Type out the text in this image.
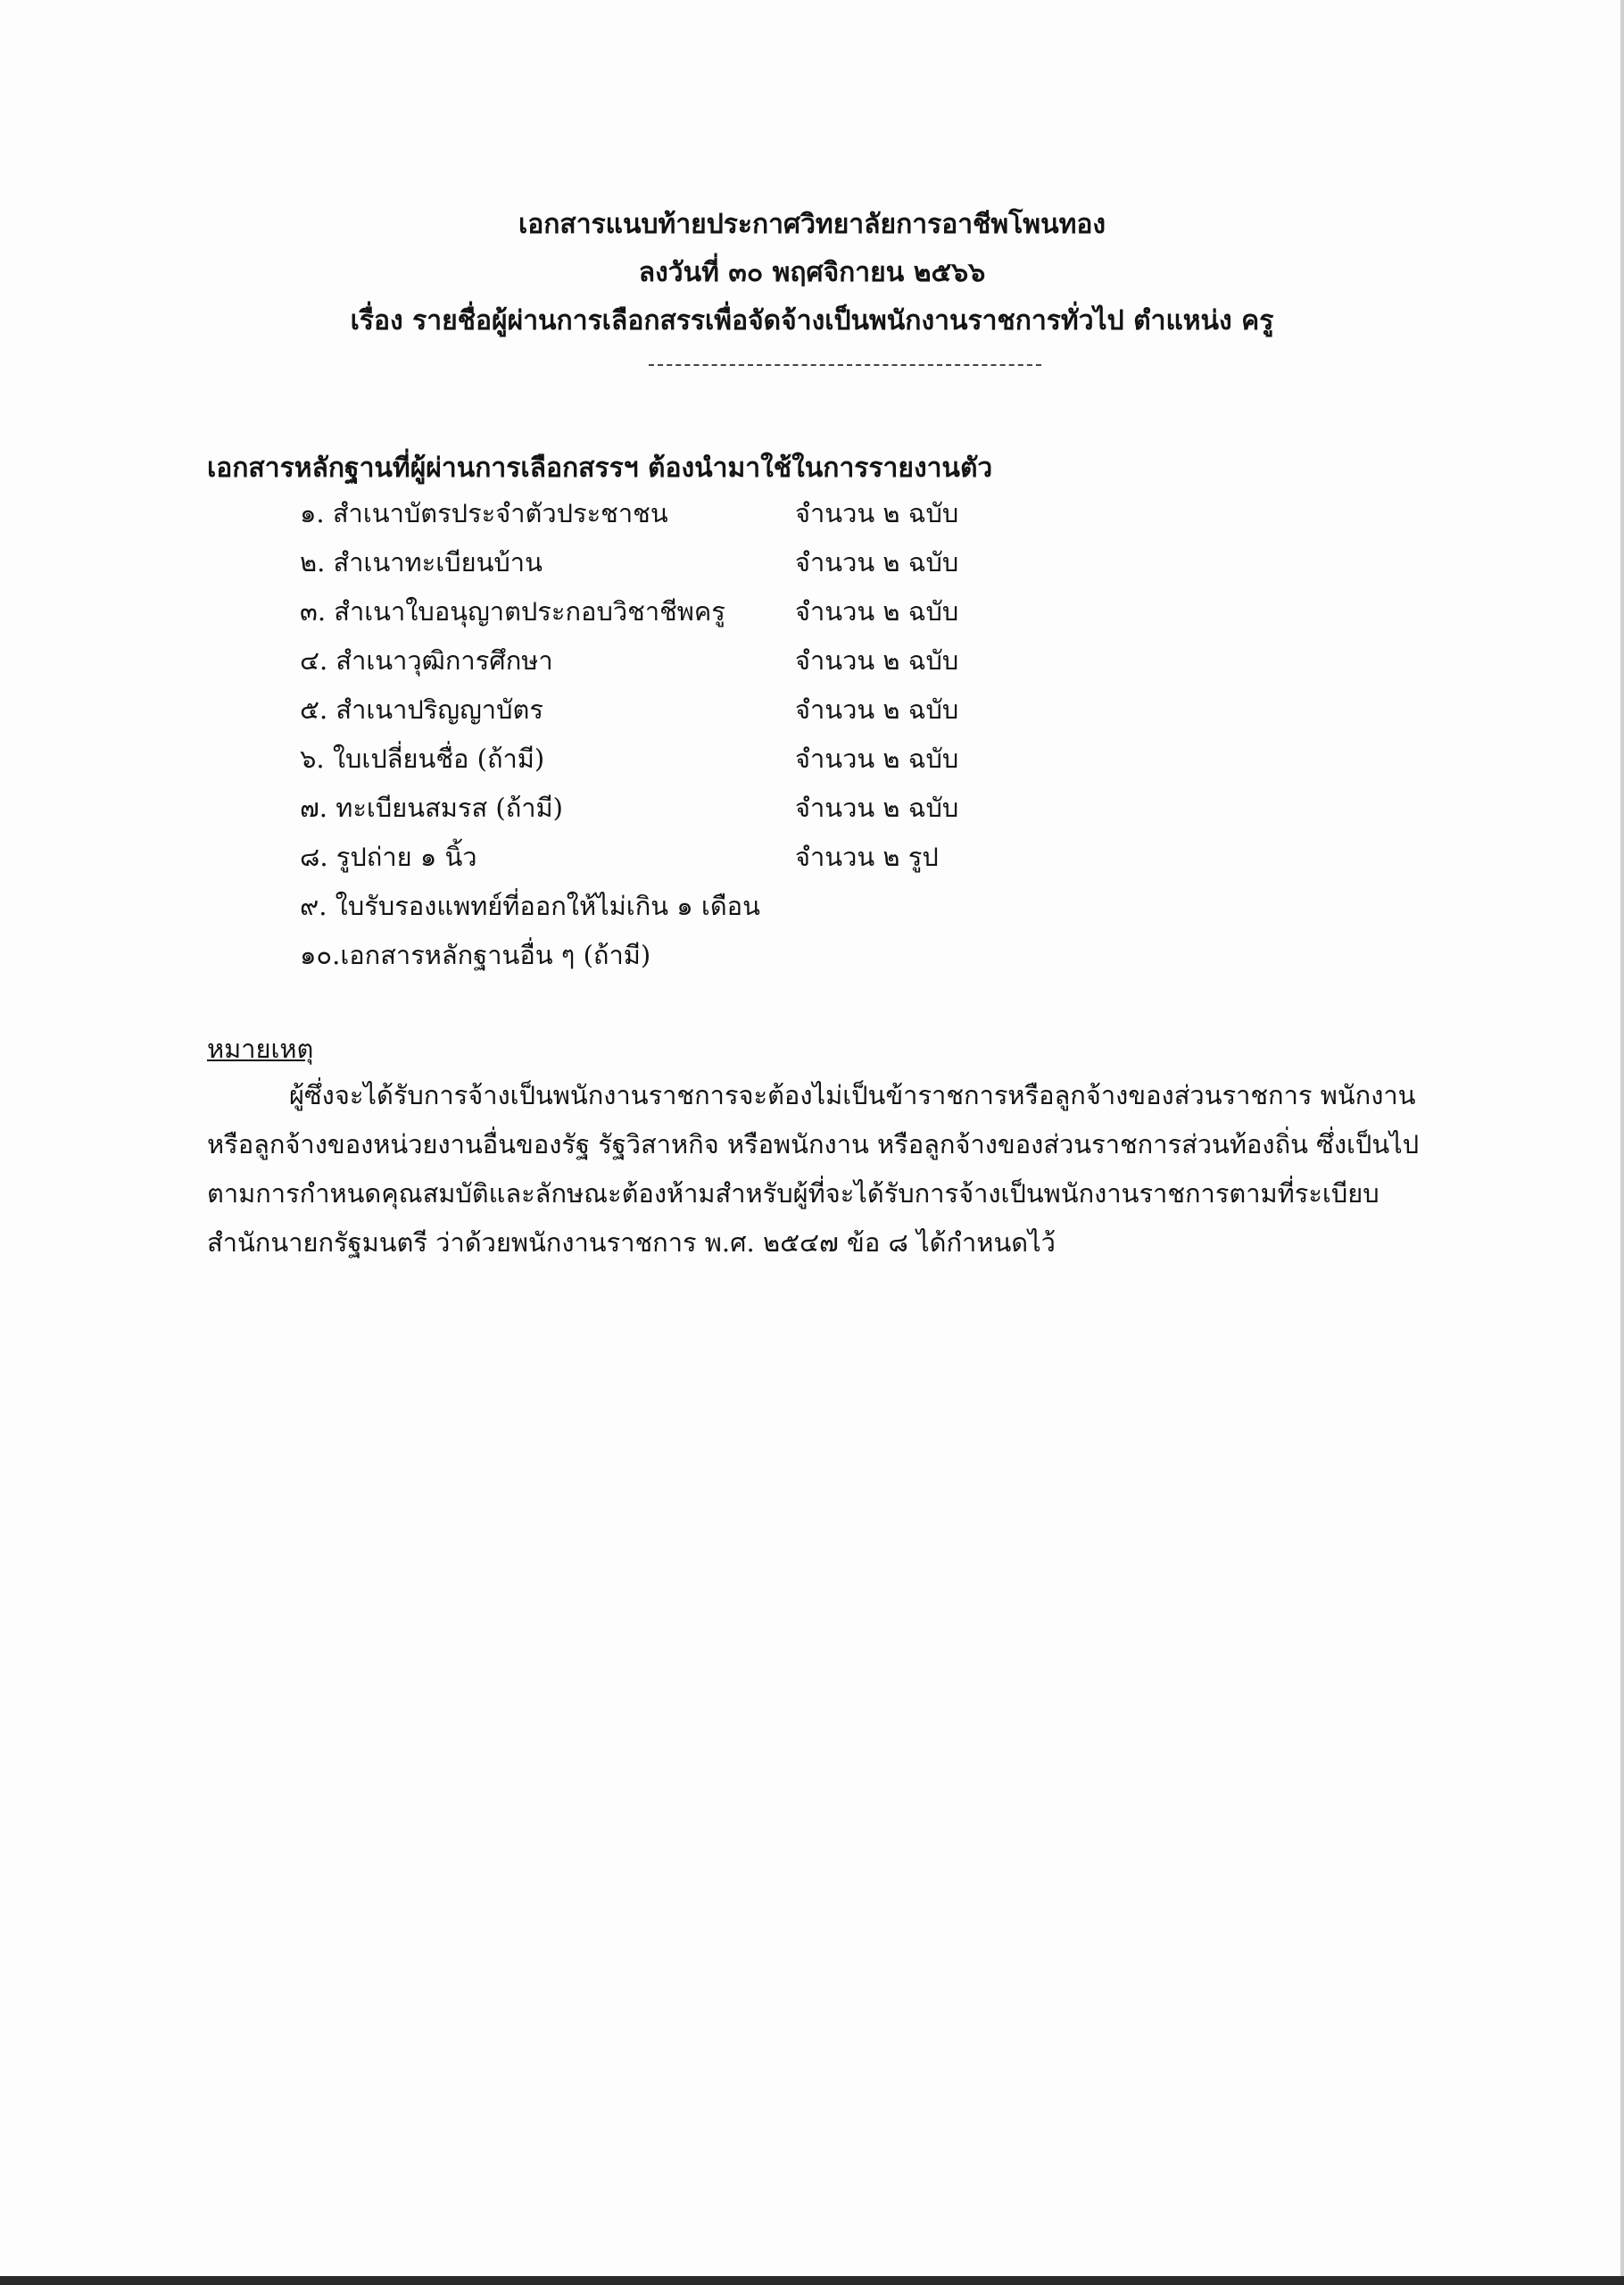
เอกสารแนบท้ายประกาศวิทยาลัยการอาชีพโพนทอง
ลงวันที่ ๓๐ พฤศจิกายน ๒๕๖๖
เรื่อง รายชื่อผู้ผ่านการเลือกสรรเพื่อจัดจ้างเป็นพนักงานราชการทั่วไป ตำแหน่ง ครู
เอกสารหลักฐานที่ผู้ผ่านการเลือกสรรฯ ต้องนำมาใช้ในการรายงานตัว
๑. สำเนาบัตรประจำตัวประชาชน	จำนวน ๒ ฉบับ
๒. สำเนาทะเบียนบ้าน	จำนวน ๒ ฉบับ
๓. สำเนาใบอนุญาตประกอบวิชาชีพครู	จำนวน ๒ ฉบับ
๔. สำเนาวุฒิการศึกษา	จำนวน ๒ ฉบับ
๕. สำเนาปริญญาบัตร	จำนวน ๒ ฉบับ
๖. ใบเปลี่ยนชื่อ (ถ้ามี)	จำนวน ๒ ฉบับ
๗. ทะเบียนสมรส (ถ้ามี)	จำนวน ๒ ฉบับ
๘. รูปถ่าย ๑ นิ้ว	จำนวน ๒ รูป
๙. ใบรับรองแพทย์ที่ออกให้ไม่เกิน ๑ เดือน
๑๐.เอกสารหลักฐานอื่น ๆ (ถ้ามี)
หมายเหตุ
ผู้ซึ่งจะได้รับการจ้างเป็นพนักงานราชการจะต้องไม่เป็นข้าราชการหรือลูกจ้างของส่วนราชการ พนักงาน
หรือลูกจ้างของหน่วยงานอื่นของรัฐ รัฐวิสาหกิจ หรือพนักงาน หรือลูกจ้างของส่วนราชการส่วนท้องถิ่น ซึ่งเป็นไป
ตามการกำหนดคุณสมบัติและลักษณะต้องห้ามสำหรับผู้ที่จะได้รับการจ้างเป็นพนักงานราชการตามที่ระเบียบ
สำนักนายกรัฐมนตรี ว่าด้วยพนักงานราชการ พ.ศ. ๒๕๔๗ ข้อ ๘ ได้กำหนดไว้
